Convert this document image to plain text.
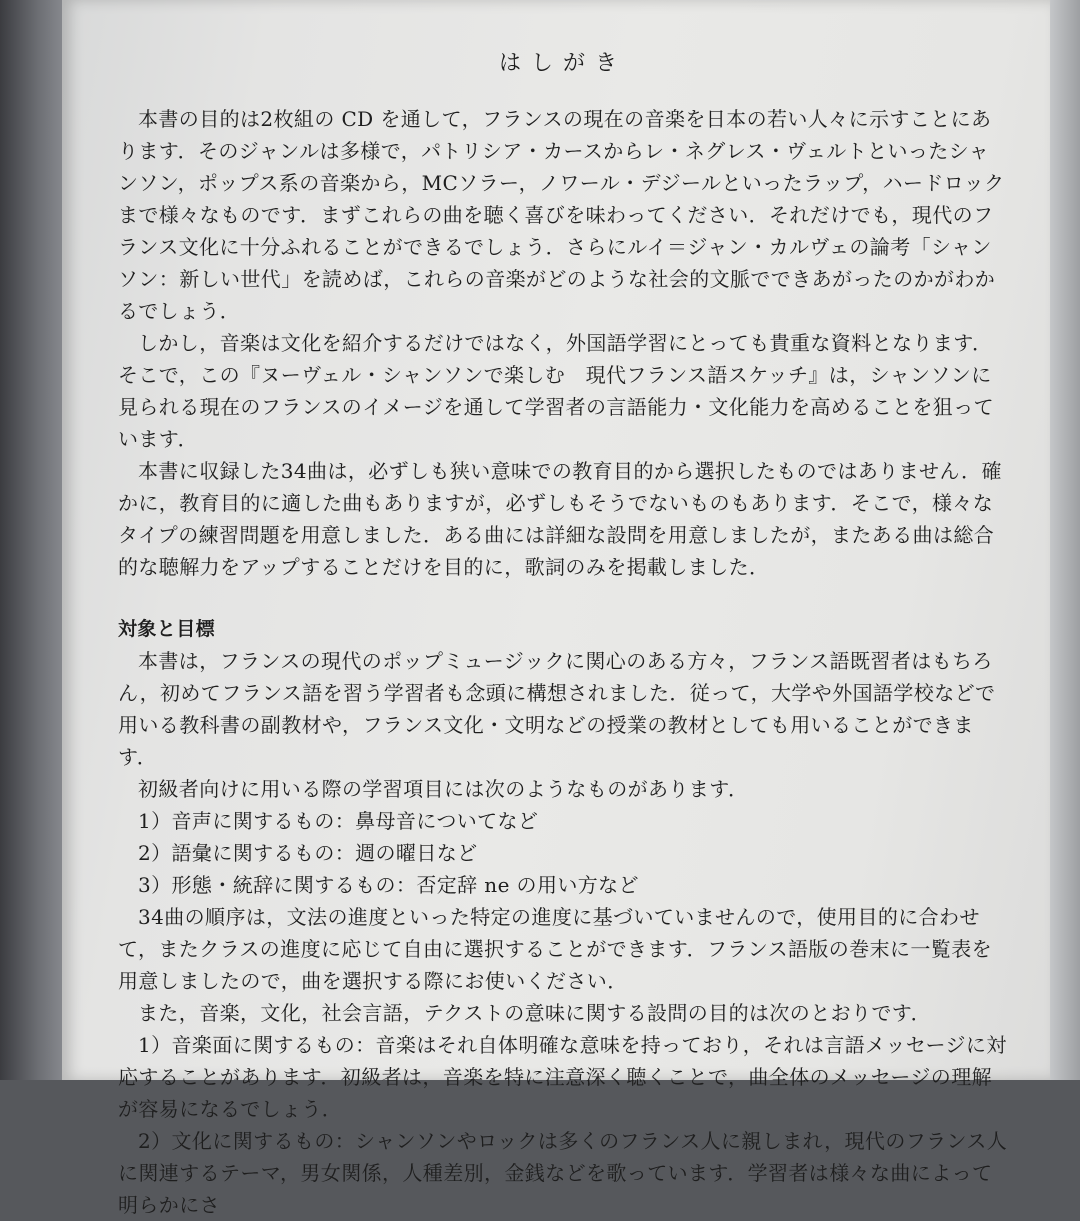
はしがき

本書の目的は2枚組の CD を通して，フランスの現在の音楽を日本の若い人々に示すことにあります．そのジャンルは多様で，パトリシア・カースからレ・ネグレス・ヴェルトといったシャンソン，ポップス系の音楽から，MCソラー，ノワール・デジールといったラップ，ハードロックまで様々なものです．まずこれらの曲を聴く喜びを味わってください．それだけでも，現代のフランス文化に十分ふれることができるでしょう．さらにルイ＝ジャン・カルヴェの論考「シャンソン：新しい世代」を読めば，これらの音楽がどのような社会的文脈でできあがったのかがわかるでしょう．

しかし，音楽は文化を紹介するだけではなく，外国語学習にとっても貴重な資料となります．そこで，この『ヌーヴェル・シャンソンで楽しむ　現代フランス語スケッチ』は，シャンソンに見られる現在のフランスのイメージを通して学習者の言語能力・文化能力を高めることを狙っています．

本書に収録した34曲は，必ずしも狭い意味での教育目的から選択したものではありません．確かに，教育目的に適した曲もありますが，必ずしもそうでないものもあります．そこで，様々なタイプの練習問題を用意しました．ある曲には詳細な設問を用意しましたが，またある曲は総合的な聴解力をアップすることだけを目的に，歌詞のみを掲載しました．

対象と目標

本書は，フランスの現代のポップミュージックに関心のある方々，フランス語既習者はもちろん，初めてフランス語を習う学習者も念頭に構想されました．従って，大学や外国語学校などで用いる教科書の副教材や，フランス文化・文明などの授業の教材としても用いることができます．

初級者向けに用いる際の学習項目には次のようなものがあります．

1）音声に関するもの：鼻母音についてなど

2）語彙に関するもの：週の曜日など

3）形態・統辞に関するもの：否定辞 ne の用い方など

34曲の順序は，文法の進度といった特定の進度に基づいていませんので，使用目的に合わせて，またクラスの進度に応じて自由に選択することができます．フランス語版の巻末に一覧表を用意しましたので，曲を選択する際にお使いください．

また，音楽，文化，社会言語，テクストの意味に関する設問の目的は次のとおりです．

1）音楽面に関するもの：音楽はそれ自体明確な意味を持っており，それは言語メッセージに対応することがあります．初級者は，音楽を特に注意深く聴くことで，曲全体のメッセージの理解が容易になるでしょう．

2）文化に関するもの：シャンソンやロックは多くのフランス人に親しまれ，現代のフランス人に関連するテーマ，男女関係，人種差別，金銭などを歌っています．学習者は様々な曲によって明らかにさ
